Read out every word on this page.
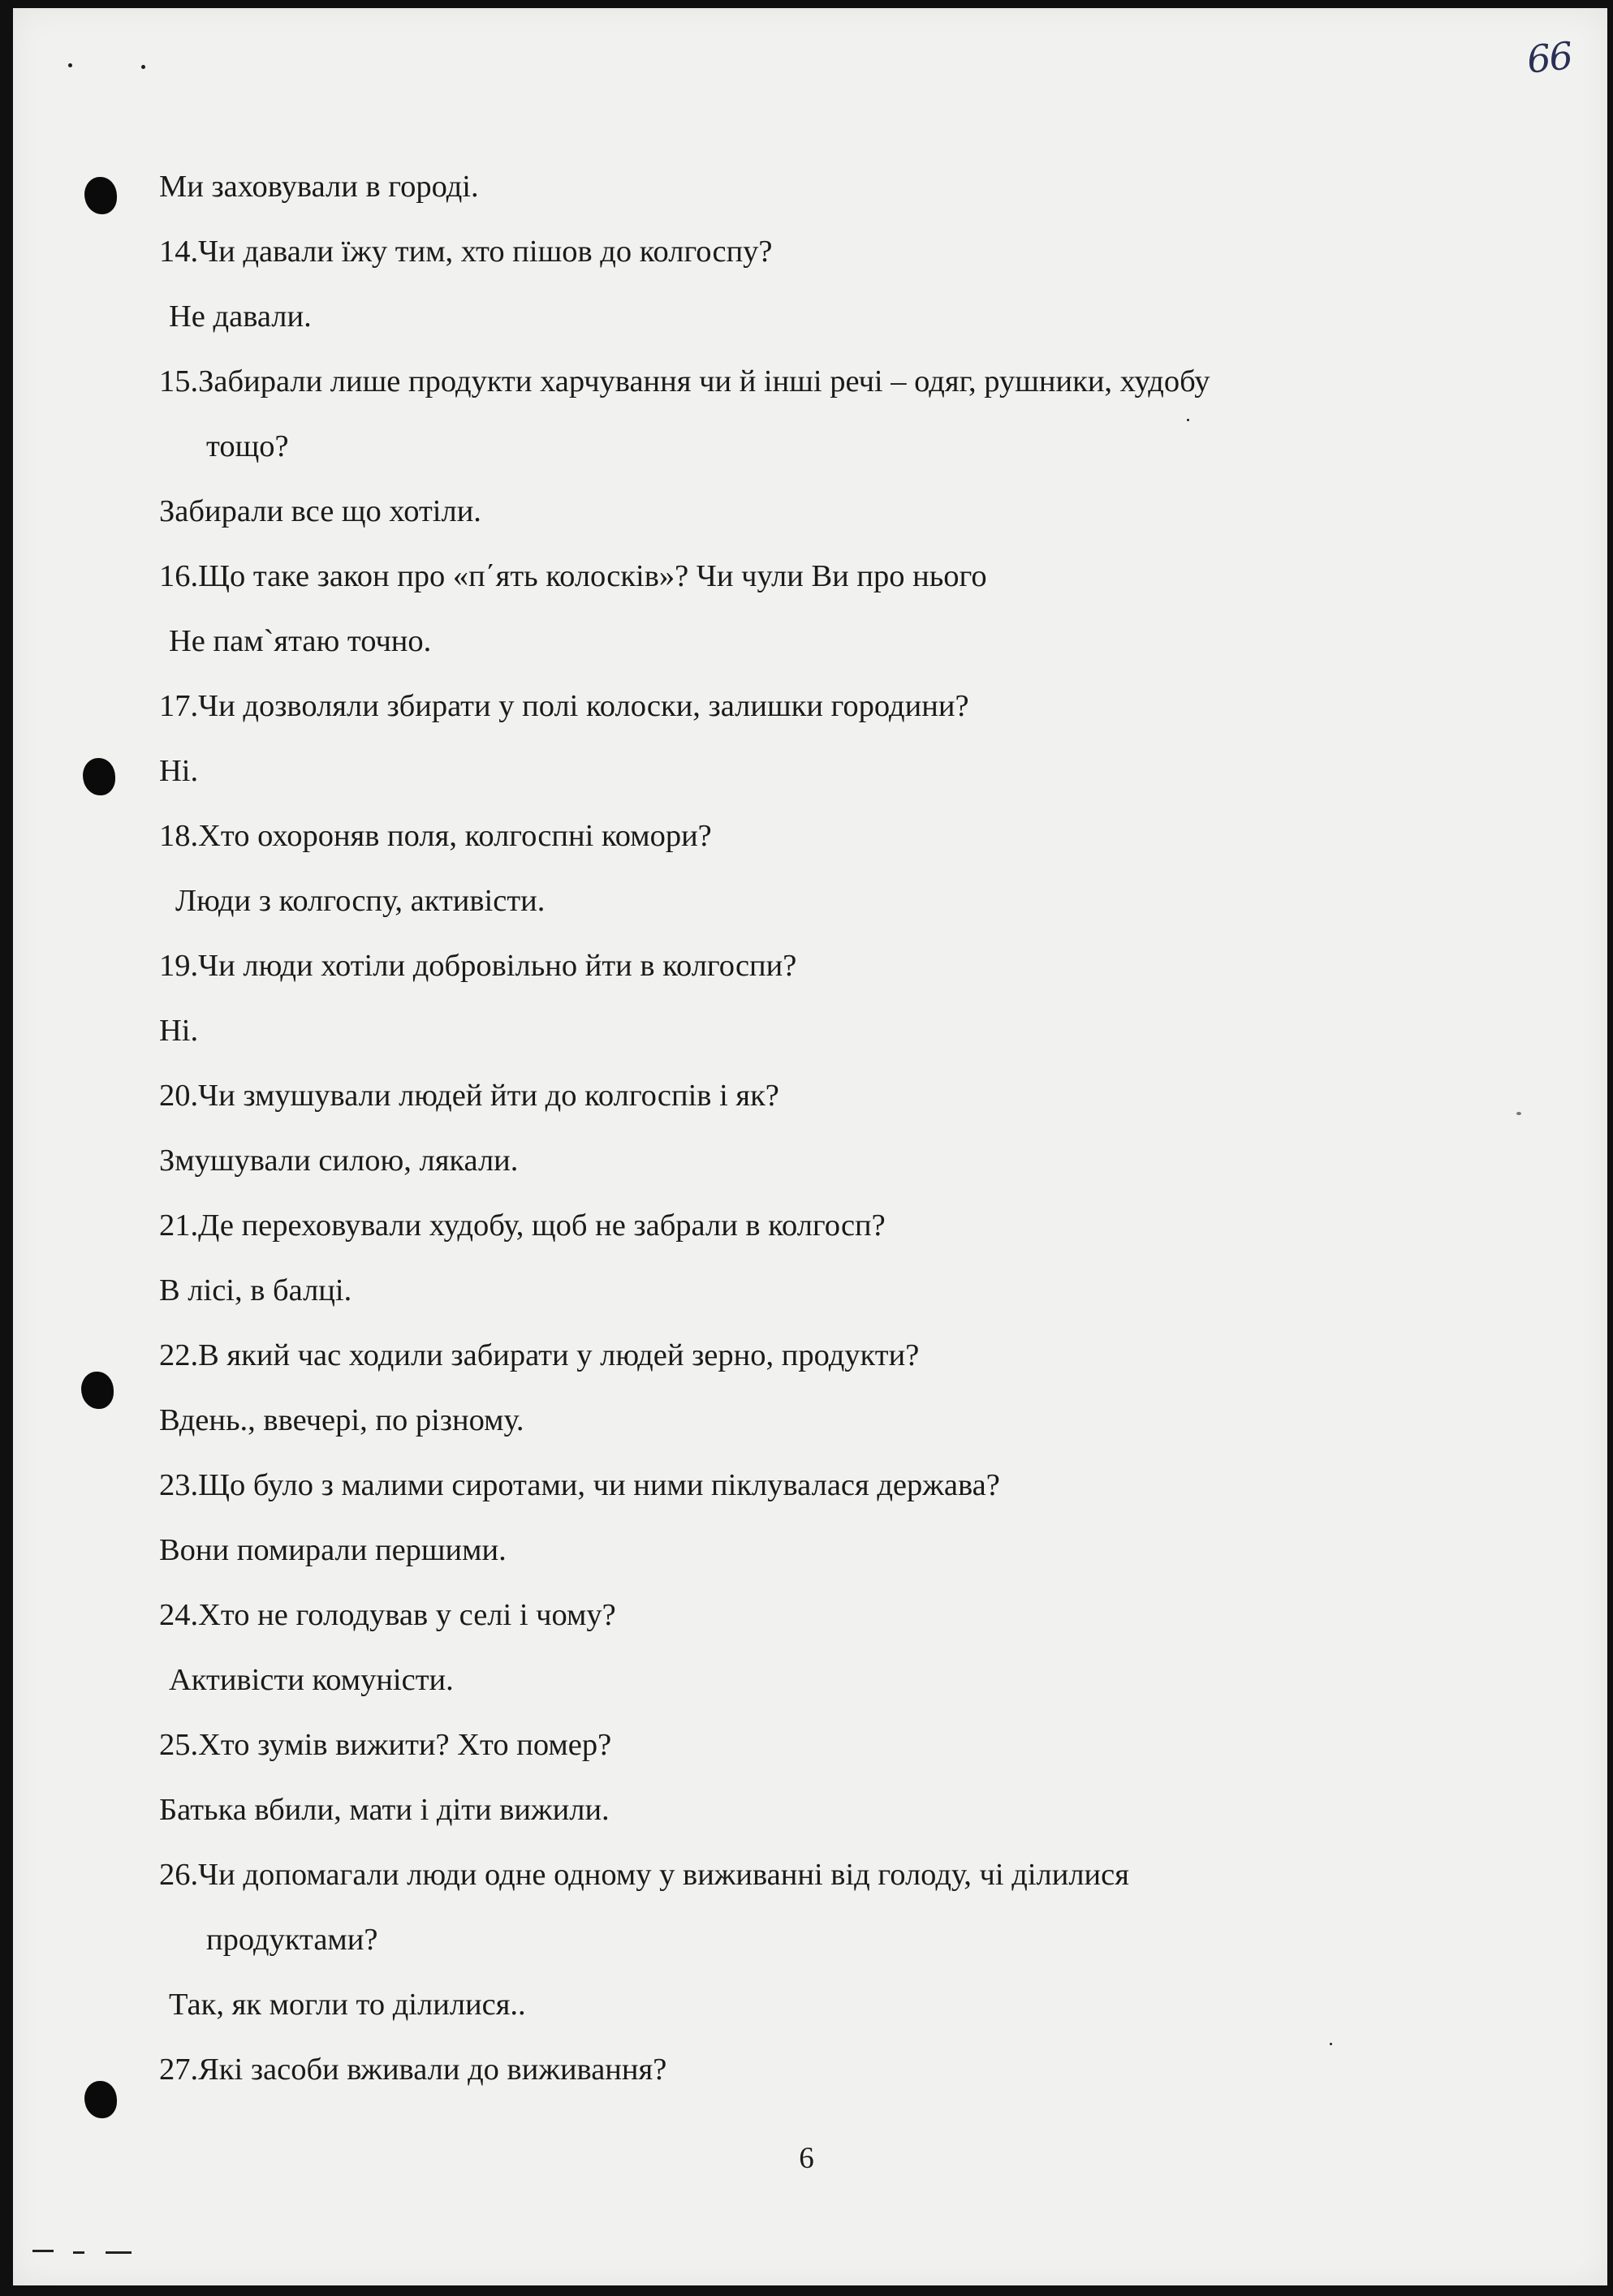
66
Ми заховували в городі.
14.Чи давали їжу тим, хто пішов до колгоспу?
Не давали.
15.Забирали лише продукти харчування чи й інші речі – одяг, рушники, худобу
тощо?
Забирали все що хотіли.
16.Що таке закон про «п΄ять колосків»? Чи чули Ви про нього
Не пам`ятаю точно.
17.Чи дозволяли збирати у полі колоски, залишки городини?
Ні.
18.Хто охороняв поля, колгоспні комори?
Люди з колгоспу, активісти.
19.Чи люди хотіли добровільно йти в колгоспи?
Ні.
20.Чи змушували людей йти до колгоспів і як?
Змушували силою, лякали.
21.Де переховували худобу, щоб не забрали в колгосп?
В лісі, в балці.
22.В який час ходили забирати у людей зерно, продукти?
Вдень., ввечері, по різному.
23.Що було з малими сиротами, чи ними піклувалася держава?
Вони помирали першими.
24.Хто не голодував у селі і чому?
Активісти комуністи.
25.Хто зумів вижити? Хто помер?
Батька вбили, мати і діти вижили.
26.Чи допомагали люди одне одному у виживанні від голоду, чі ділилися
продуктами?
Так, як могли то ділилися..
27.Які засоби вживали до виживання?
6
